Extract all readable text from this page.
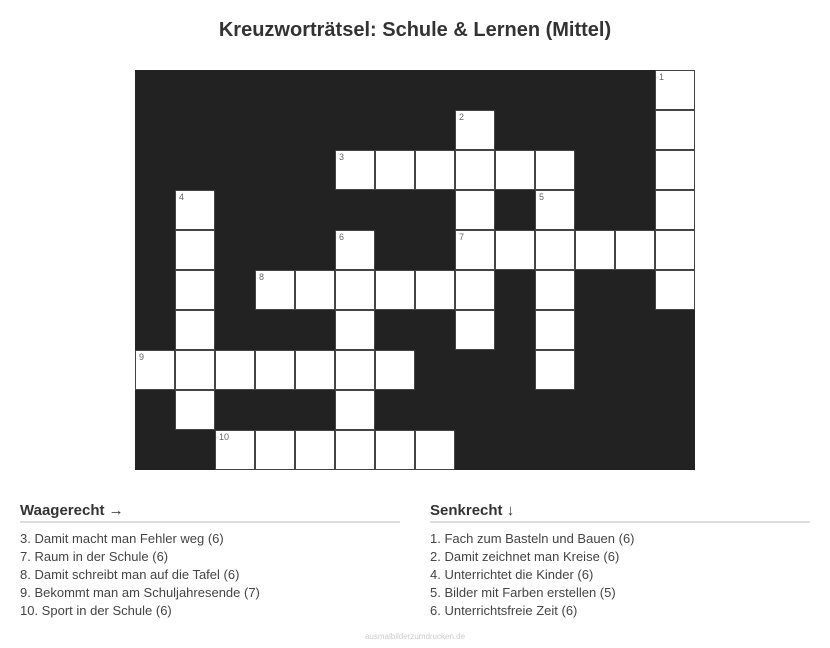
Kreuzworträtsel: Schule & Lernen (Mittel)
1
2
3
4	5
6	7
8
9
10
Waagerecht →
3. Damit macht man Fehler weg (6)
7. Raum in der Schule (6)
8. Damit schreibt man auf die Tafel (6)
9. Bekommt man am Schuljahresende (7)
10. Sport in der Schule (6)
Senkrecht ↓
1. Fach zum Basteln und Bauen (6)
2. Damit zeichnet man Kreise (6)
4. Unterrichtet die Kinder (6)
5. Bilder mit Farben erstellen (5)
6. Unterrichtsfreie Zeit (6)
ausmalbilderzumdrucken.de
